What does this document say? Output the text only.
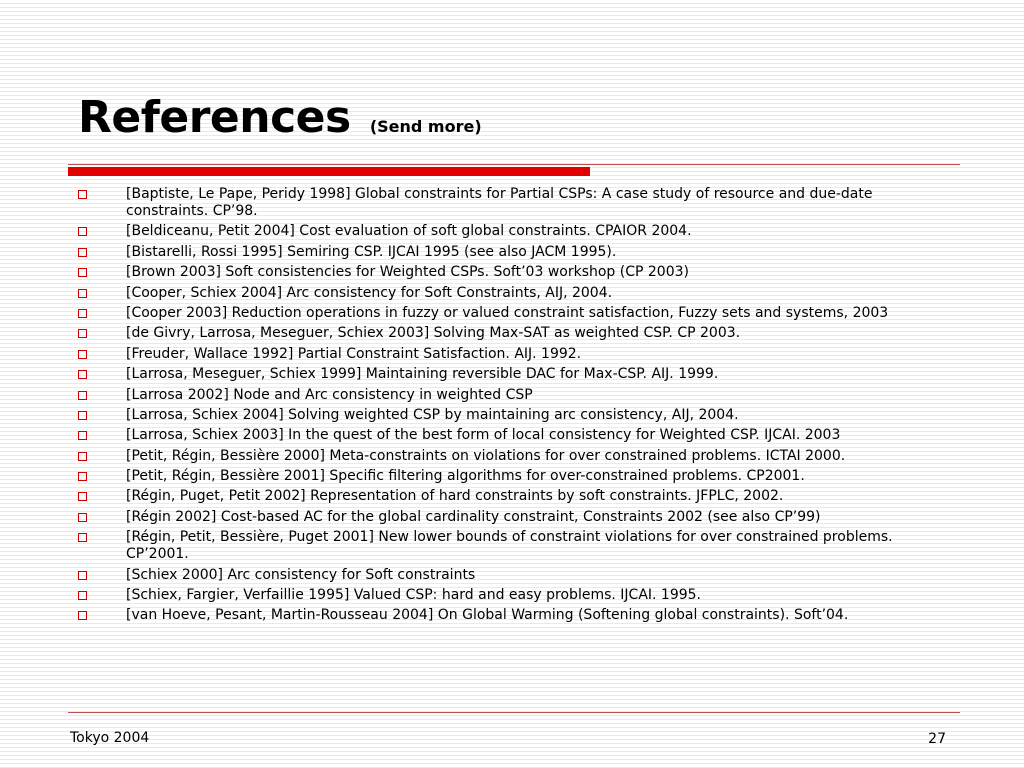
References (Send more)
[Baptiste, Le Pape, Peridy 1998] Global constraints for Partial CSPs: A case study of resource and due-date constraints. CP’98.
[Beldiceanu, Petit 2004] Cost evaluation of soft global constraints. CPAIOR 2004.
[Bistarelli, Rossi 1995] Semiring CSP. IJCAI 1995 (see also JACM 1995).
[Brown 2003] Soft consistencies for Weighted CSPs. Soft’03 workshop (CP 2003)
[Cooper, Schiex 2004] Arc consistency for Soft Constraints, AIJ, 2004.
[Cooper 2003] Reduction operations in fuzzy or valued constraint satisfaction, Fuzzy sets and systems, 2003
[de Givry, Larrosa, Meseguer, Schiex 2003] Solving Max-SAT as weighted CSP. CP 2003.
[Freuder, Wallace 1992] Partial Constraint Satisfaction. AIJ. 1992.
[Larrosa, Meseguer, Schiex 1999] Maintaining reversible DAC for Max-CSP. AIJ. 1999.
[Larrosa 2002] Node and Arc consistency in weighted CSP
[Larrosa, Schiex 2004] Solving weighted CSP by maintaining arc consistency, AIJ, 2004.
[Larrosa, Schiex 2003] In the quest of the best form of local consistency for Weighted CSP. IJCAI. 2003
[Petit, Régin, Bessière 2000] Meta-constraints on violations for over constrained problems. ICTAI 2000.
[Petit, Régin, Bessière 2001] Specific filtering algorithms for over-constrained problems. CP2001.
[Régin, Puget, Petit 2002] Representation of hard constraints by soft constraints. JFPLC, 2002.
[Régin 2002] Cost-based AC for the global cardinality constraint, Constraints 2002 (see also CP’99)
[Régin, Petit, Bessière, Puget 2001] New lower bounds of constraint violations for over constrained problems. CP’2001.
[Schiex 2000] Arc consistency for Soft constraints
[Schiex, Fargier, Verfaillie 1995] Valued CSP: hard and easy problems. IJCAI. 1995.
[van Hoeve, Pesant, Martin-Rousseau 2004] On Global Warming (Softening global constraints). Soft’04.
Tokyo 2004	27
